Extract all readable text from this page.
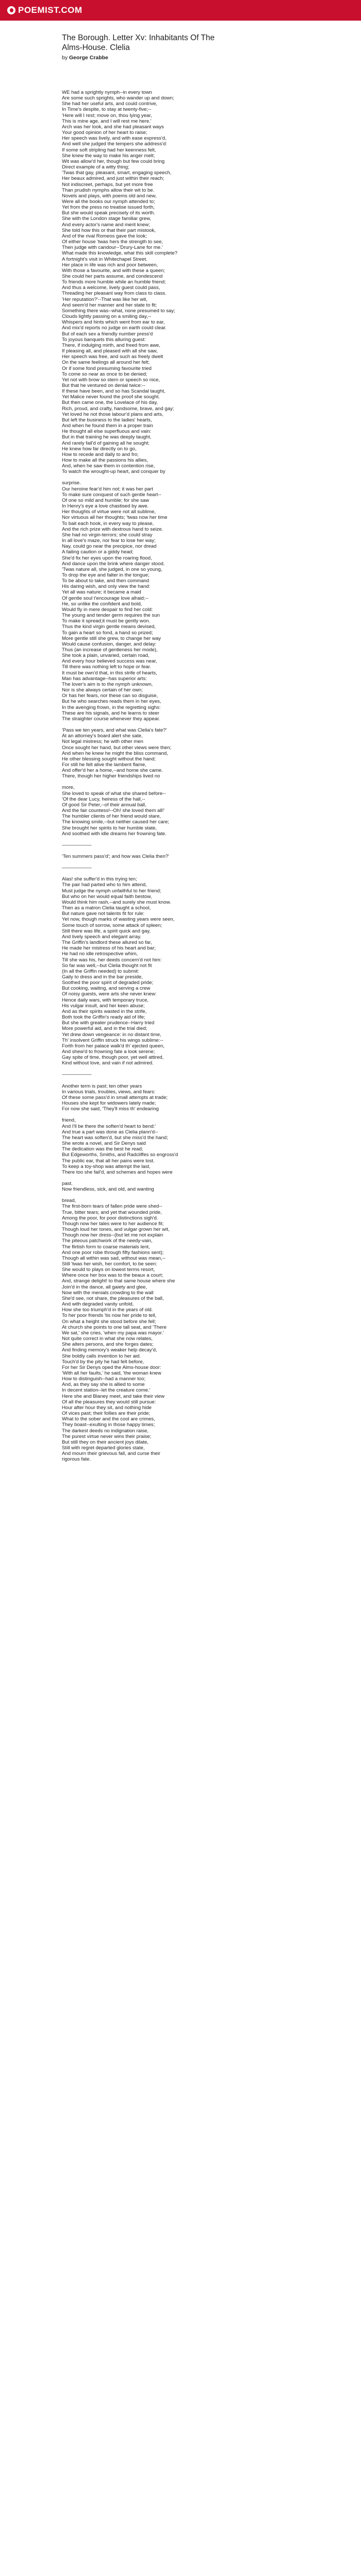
POEMIST.COM
The Borough. Letter Xv: Inhabitants Of The
Alms-House. Clelia
by George Crabbe

WE had a sprightly nymph--in every town
Are some such sprights, who wander up and down;
She had her useful arts, and could contrive,
In Time's despite, to stay at twenty-five;--
'Here will I rest; move on, thou lying year,
This is mine age, and I will rest me here.'
Arch was her look, and she had pleasant ways
Your good opinion of her heart to raise;
Her speech was lively, and with ease express'd,
And well she judged the tempers she address'd:
If some soft stripling had her keenness felt,
She knew the way to make his anger melt;
Wit was allow'd her, though but few could bring
Direct example of a witty thing;
'Twas that gay, pleasant, smart, engaging speech,
Her beaux admired, and just within their reach;
Not indiscreet, perhaps, but yet more free
Than prudish nymphs allow their wit to be.
Novels and plays, with poems old and new,
Were all the books our nymph attended to;
Yet from the press no treatise issued forth,
But she would speak precisely of its worth.
She with the London stage familiar grew,
And every actor's name and merit knew;
She told how this or that their part mistook,
And of the rival Romeos gave the look;
Of either house 'twas hers the strength to see,
Then judge with candour--'Drury-Lane for me.'
What made this knowledge, what this skill complete?
A fortnight's visit in Whitechapel Street.
Her place in life was rich and poor between,
With those a favourite, and with these a queen;
She could her parts assume, and condescend
To friends more humble while an humble friend;
And thus a welcome, lively guest could pass,
Threading her pleasant way from class to class.
'Her reputation?'--That was like her wit,
And seem'd her manner and her state to fit;
Something there was--what, none presumed to say;
Clouds lightly passing on a smiling day,--
Whispers and hints which went from ear to ear,
And mix'd reports no judge on earth could clear.
But of each sex a friendly number press'd
To joyous banquets this alluring guest:
There, if indulging mirth, and freed from awe,
If pleasing all, and pleased with all she saw,
Her speech was free, and such as freely dwelt
On the same feelings all around her felt;
Or if some fond presuming favourite tried
To come so near as once to be denied;
Yet not with brow so stern or speech so nice,
But that he ventured on denial twice:--
If these have been, and so has Scandal taught,
Yet Malice never found the proof she sought.
But then came one, the Lovelace of his day,
Rich, proud, and crafty, handsome, brave, and gay;
Yet loved he not those labour'd plans and arts,
But left the business to the ladies' hearts,
And when he found them in a proper train
He thought all else superfluous and vain:
But in that training he was deeply taught,
And rarely fail'd of gaining all he sought;
He knew how far directly on to go,
How to recede and dally to and fro;
How to make all the passions his allies,
And, when he saw them in contention rise,
To watch the wrought-up heart, and conquer by

surprise.
Our heroine fear'd him not; it was her part
To make sure conquest of such gentle heart--
Of one so mild and humble; for she saw
In Henry's eye a love chastised by awe.
Her thoughts of virtue were not all sublime,
Nor virtuous all her thoughts; 'twas now her time
To bait each hook, in every way to please,
And the rich prize with dextrous hand to seize.
She had no virgin-terrors; she could stray
In all love's maze, nor fear to lose her way;
Nay, could go near the precipice, nor dread
A failing caution or a giddy head;
She'd fix her eyes upon the roaring flood,
And dance upon the brink where danger stood.
'Twas nature all, she judged, in one so young,
To drop the eye and falter in the tongue;
To be about to take, and then command
His daring wish, and only view the hand:
Yet all was nature; it became a maid
Of gentle soul t'encourage love afraid;--
He, so unlike the confident and bold,
Would fly in mere despair to find her cold:
The young and tender germ requires the sun
To make it spread;it must be gently won.
Thus the kind virgin gentle means devised,
To gain a heart so fond, a hand so prized;
More gentle still she grew, to change her way
Would cause confusion, danger, and delay:
Thus (an increase of gentleness her mode),
She took a plain, unvaried, certain road,
And every hour believed success was near,
Till there was nothing left to hope or fear.
It must be own'd that, in this strife of hearts,
Man has advantage--has superior arts:
The lover's aim is to the nymph unknown,
Nor is she always certain of her own;
Or has her fears, nor these can so disguise,
But he who searches reads them in her eyes,
In the avenging frown, in the regretting sighs:
These are his signals, and he learns to steer
The straighter course whenever they appear.

'Pass we ten years, and what was Clelia's fate?'
At an attorney's board alert she sate,
Not legal mistress; he with other men
Once sought her hand, but other views were then;
And when he knew he might the bliss command,
He other blessing sought without the hand;
For still he felt alive the lambent flame,
And offer'd her a home,--and home she came.
There, though her higher friendships lived no

more,
She loved to speak of what she shared before--
'Of the dear Lucy, heiress of the hall,--
Of good Sir Peter,--of their annual ball,
And the fair countess!--Oh! she loved them all!'
The humbler clients of her friend would stare,
The knowing smile,--but neither caused her care;
She brought her spirits to her humble state,
And soothed with idle dreams her frowning fate.

——————

'Ten summers pass'd'; and how was Clelia then?'

——————

Alas! she suffer'd in this trying ten;
The pair had parted who to him attend,
Must judge the nymph unfaithful to her friend;
But who on her would equal faith bestow,
Would think him rash,--and surely she must know.
Then as a matron Clelia taught a school,
But nature gave not talents fit for rule:
Yet now, though marks of wasting years were seen,
Some touch of sorrow, some attack of spleen;
Still there was life, a spirit quick and gay,
And lively speech and elegant array.
The Griffin's landlord these allured so far,
He made her mistress of his heart and bar;
He had no idle retrospective whim,
Till she was his, her deeds concern'd not him:
So far was well,--but Clelia thought not fit
(In all the Griffin needed) to submit:
Gaily to dress and in the bar preside,
Soothed the poor spirit of degraded pride;
But cooking, waiting, and serving a crew
Of noisy guests, were arts she never knew:
Hence daily wars, with temporary truce,
His vulgar insult, and her keen abuse;
And as their spirits wasted in the strife,
Both took the Griffin's ready aid of life;
But she with greater prudence--Harry tried
More powerful aid, and in the trial died;
Yet drew down vengeance: in no distant time,
Th' insolvent Griffin struck his wings sublime:--
Forth from her palace walk'd th' ejected queen,
And shew'd to frowning fate a look serene;
Gay spite of time, though poor, yet well attired,
Kind without love, and vain if not admired.

——————

Another term is past; ten other years
In various trials, troubles, views, and fears:
Of these some pass'd in small attempts at trade;
Houses she kept for widowers lately made;
For now she said, 'They'll miss th' endearing

friend,
And I'll be there the soften'd heart to bend:'
And true a part was done as Clelia plann'd--
The heart was soften'd, but she miss'd the hand;
She wrote a novel, and Sir Denys said
The dedication was the best he read;
But Edgeworths, Smiths, and Radcliffes so engross'd
The public ear, that all her pains were lost.
To keep a toy-shop was attempt the last,
There too she fail'd, and schemes and hopes were

past.
Now friendless, sick, and old, and wanting

bread,
The first-born tears of fallen pride were shed--
True, bitter tears; and yet that wounded pride,
Among the poor, for poor distinctions sigh'd.
Though now her tales were to her audience fit;
Though loud her tones, and vulgar grown her wit,
Though now her dress--(but let me not explain
The piteous patchwork of the needy-vain,
The flirtish form to coarse materials lent,
And one poor robe through fifty fashions sent);
Though all within was sad, without was mean,--
Still 'twas her wish, her comfort, to be seen:
She would to plays on lowest terms resort,
Where once her box was to the beaux a court;
And, strange delight! to that same house where she
Join'd in the dance, all gaiety and glee,
Now with the menials crowding to the wall
She'd see, not share, the pleasures of the ball,
And with degraded vanity unfold,
How she too triumph'd in the years of old.
To her poor friends 'tis now her pride to tell,
On what a height she stood before she fell;
At church she points to one tall seat, and 'There
We sat,' she cries, 'when my papa was mayor.'
Not quite correct in what she now relates,
She alters persons, and she forges dates;
And finding memory's weaker help decay'd,
She boldly calls invention to her aid.
Touch'd by the pity he had felt before,
For her Sir Denys oped the Alms-house door:
'With all her faults,' he said, 'the woman knew
How to distinguish--had a manner too;
And, as they say she is allied to some
In decent station--let the creature come.'
Here she and Blaney meet, and take their view
Of all the pleasures they would still pursue:
Hour after hour they sit, and nothing hide
Of vices past; their follies are their pride;
What to the sober and the cool are crimes,
They boast--exulting in those happy times;
The darkest deeds no indignation raise,
The purest virtue never wins their praise;
But still they on their ancient joys dilate,
Still with regret departed glories state,
And mourn their grievous fall, and curse their
rigorous fate.
